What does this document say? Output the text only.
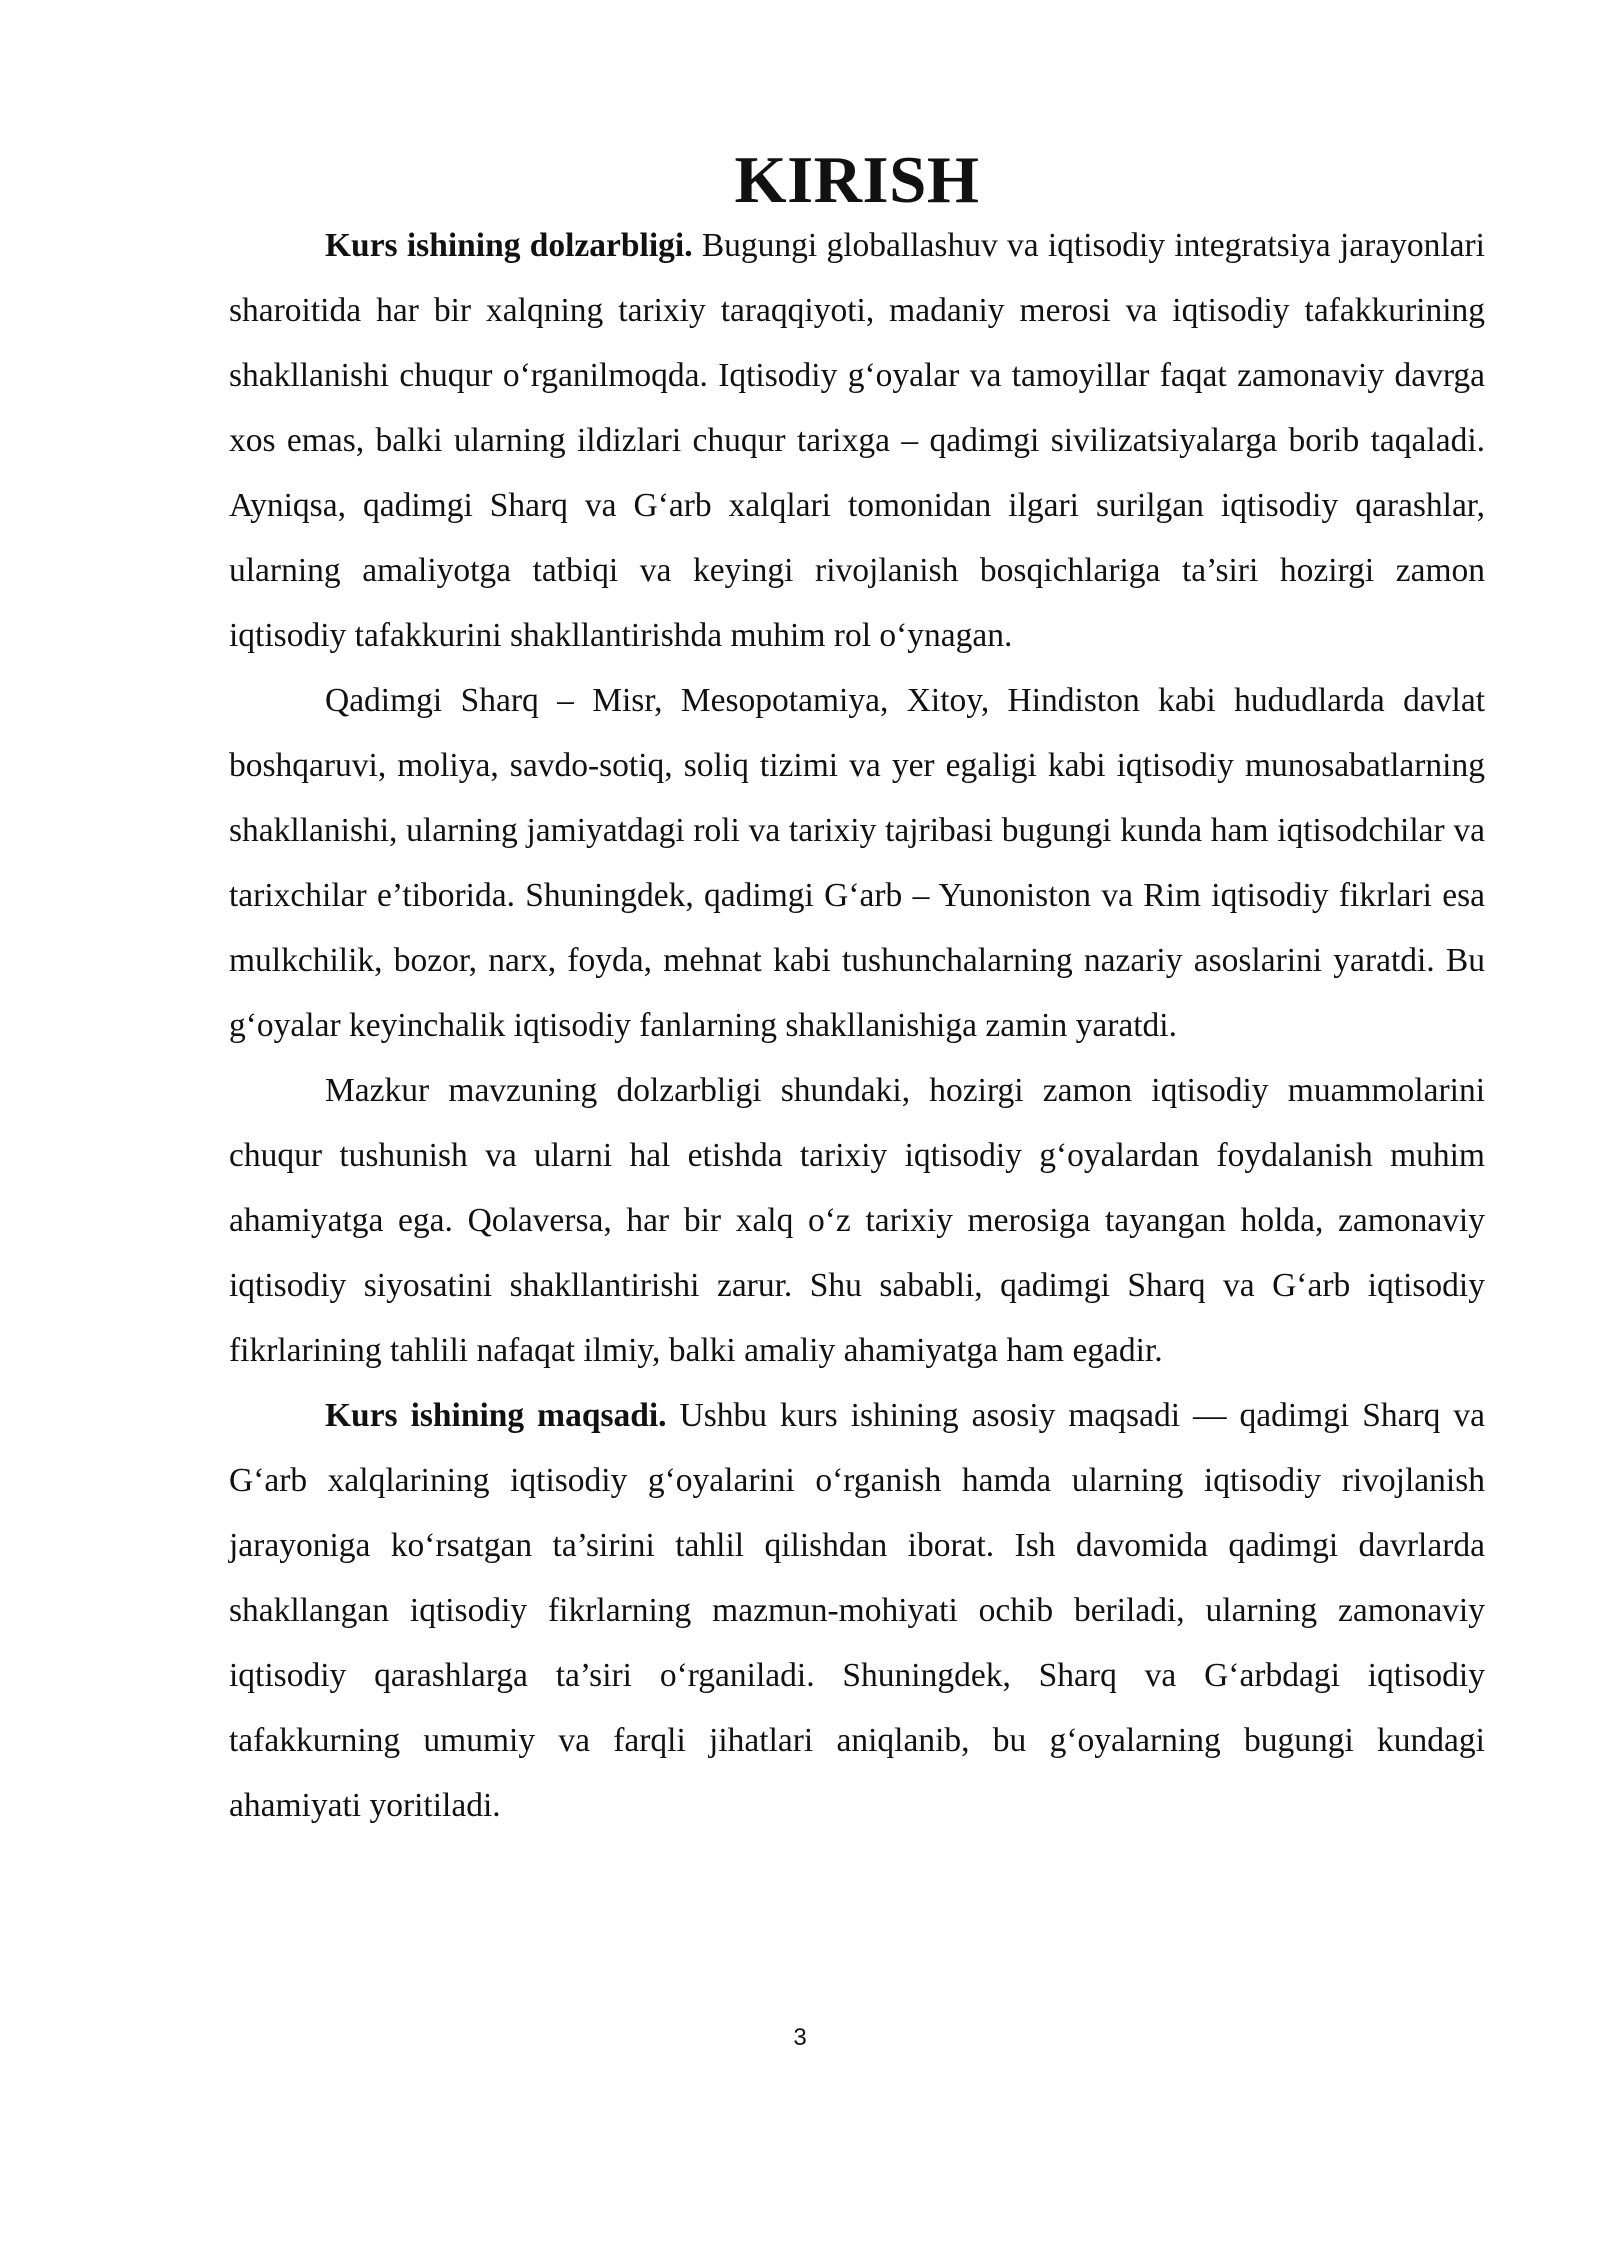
KIRISH

Kurs ishining dolzarbligi. Bugungi globallashuv va iqtisodiy integratsiya jarayonlari sharoitida har bir xalqning tarixiy taraqqiyoti, madaniy merosi va iqtisodiy tafakkurining shakllanishi chuqur o‘rganilmoqda. Iqtisodiy g‘oyalar va tamoyillar faqat zamonaviy davrga xos emas, balki ularning ildizlari chuqur tarixga – qadimgi sivilizatsiyalarga borib taqaladi. Ayniqsa, qadimgi Sharq va G‘arb xalqlari tomonidan ilgari surilgan iqtisodiy qarashlar, ularning amaliyotga tatbiqi va keyingi rivojlanish bosqichlariga ta’siri hozirgi zamon iqtisodiy tafakkurini shakllantirishda muhim rol o‘ynagan.

Qadimgi Sharq – Misr, Mesopotamiya, Xitoy, Hindiston kabi hududlarda davlat boshqaruvi, moliya, savdo-sotiq, soliq tizimi va yer egaligi kabi iqtisodiy munosabatlarning shakllanishi, ularning jamiyatdagi roli va tarixiy tajribasi bugungi kunda ham iqtisodchilar va tarixchilar e’tiborida. Shuningdek, qadimgi G‘arb – Yunoniston va Rim iqtisodiy fikrlari esa mulkchilik, bozor, narx, foyda, mehnat kabi tushunchalarning nazariy asoslarini yaratdi. Bu g‘oyalar keyinchalik iqtisodiy fanlarning shakllanishiga zamin yaratdi.

Mazkur mavzuning dolzarbligi shundaki, hozirgi zamon iqtisodiy muammolarini chuqur tushunish va ularni hal etishda tarixiy iqtisodiy g‘oyalardan foydalanish muhim ahamiyatga ega. Qolaversa, har bir xalq o‘z tarixiy merosiga tayangan holda, zamonaviy iqtisodiy siyosatini shakllantirishi zarur. Shu sababli, qadimgi Sharq va G‘arb iqtisodiy fikrlarining tahlili nafaqat ilmiy, balki amaliy ahamiyatga ham egadir.

Kurs ishining maqsadi. Ushbu kurs ishining asosiy maqsadi — qadimgi Sharq va G‘arb xalqlarining iqtisodiy g‘oyalarini o‘rganish hamda ularning iqtisodiy rivojlanish jarayoniga ko‘rsatgan ta’sirini tahlil qilishdan iborat. Ish davomida qadimgi davrlarda shakllangan iqtisodiy fikrlarning mazmun-mohiyati ochib beriladi, ularning zamonaviy iqtisodiy qarashlarga ta’siri o‘rganiladi. Shuningdek, Sharq va G‘arbdagi iqtisodiy tafakkurning umumiy va farqli jihatlari aniqlanib, bu g‘oyalarning bugungi kundagi ahamiyati yoritiladi.

3
